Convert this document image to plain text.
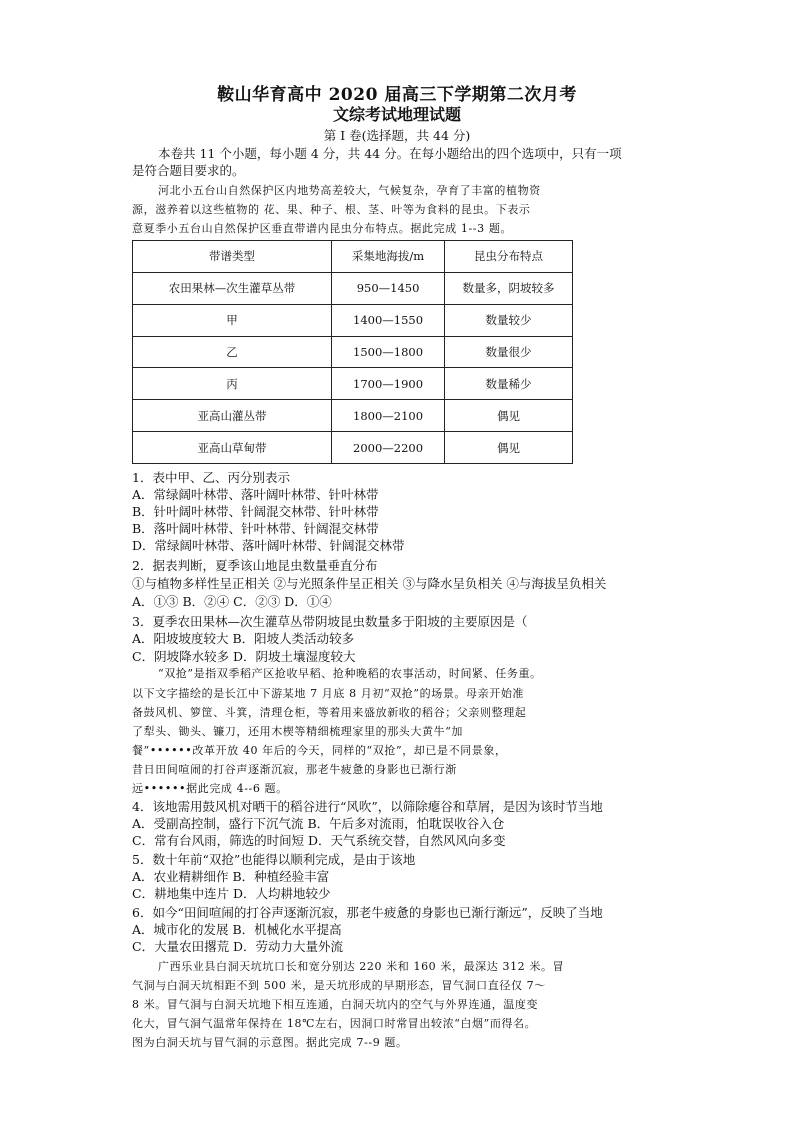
鞍山华育高中 2020 届高三下学期第二次月考
文综考试地理试题
第 I 卷(选择题，共 44 分)
本卷共 11 个小题，每小题 4 分，共 44 分。在每小题给出的四个选项中，只有一项
是符合题目要求的。
河北小五台山自然保护区内地势高差较大，气候复杂，孕育了丰富的植物资
源，滋养着以这些植物的 花、果、种子、根、茎、叶等为食料的昆虫。下表示
意夏季小五台山自然保护区垂直带谱内昆虫分布特点。据此完成 1--3 题。
带谱类型	采集地海拔/m	昆虫分布特点
农田果林—次生灌草丛带	950—1450	数量多，阴坡较多
甲	1400—1550	数量较少
乙	1500—1800	数量很少
丙	1700—1900	数量稀少
亚高山灌丛带	1800—2100	偶见
亚高山草甸带	2000—2200	偶见
1．表中甲、乙、丙分别表示
A．常绿阔叶林带、落叶阔叶林带、针叶林带
B．针叶阔叶林带、针阔混交林带、针叶林带
B．落叶阔叶林带、针叶林带、针阔混交林带
D．常绿阔叶林带、落叶阔叶林带、针阔混交林带
2．据表判断，夏季该山地昆虫数量垂直分布
①与植物多样性呈正相关 ②与光照条件呈正相关 ③与降水呈负相关 ④与海拔呈负相关
A．①③ B．②④ C．②③ D．①④
3．夏季农田果林—次生灌草丛带阴坡昆虫数量多于阳坡的主要原因是（
A．阳坡坡度较大 B．阳坡人类活动较多
C．阴坡降水较多 D．阴坡土壤湿度较大
“双抢”是指双季稻产区抢收早稻、抢种晚稻的农事活动，时间紧、任务重。
以下文字描绘的是长江中下游某地 7 月底 8 月初“双抢”的场景。母亲开始准
备鼓风机、箩筐、斗箕，清理仓柜，等着用来盛放新收的稻谷；父亲则整理起
了犁头、锄头、镰刀，还用木楔等精细梳理家里的那头大黄牛“加
餐”••••••改革开放 40 年后的今天，同样的“双抢”，却已是不同景象，
昔日田间喧闹的打谷声逐渐沉寂，那老牛疲惫的身影也已渐行渐
远••••••据此完成 4--6 题。
4．该地需用鼓风机对晒干的稻谷进行“风吹”，以筛除瘪谷和草屑，是因为该时节当地
A．受副高控制，盛行下沉气流 B．午后多对流雨，怕耽误收谷入仓
C．常有台风雨，筛选的时间短 D．天气系统交替，自然风风向多变
5．数十年前“双抢”也能得以顺利完成，是由于该地
A．农业精耕细作 B．种植经验丰富
C．耕地集中连片 D．人均耕地较少
6．如今“田间喧闹的打谷声逐渐沉寂，那老牛疲惫的身影也已渐行渐远”，反映了当地
A．城市化的发展 B．机械化水平提高
C．大量农田撂荒 D．劳动力大量外流
广西乐业县白洞天坑坑口长和宽分别达 220 米和 160 米，最深达 312 米。冒
气洞与白洞天坑相距不到 500 米，是天坑形成的早期形态，冒气洞口直径仅 7～
8 米。冒气洞与白洞天坑地下相互连通，白洞天坑内的空气与外界连通，温度变
化大，冒气洞气温常年保持在 18℃左右，因洞口时常冒出较浓“白烟”而得名。
图为白洞天坑与冒气洞的示意图。据此完成 7--9 题。
